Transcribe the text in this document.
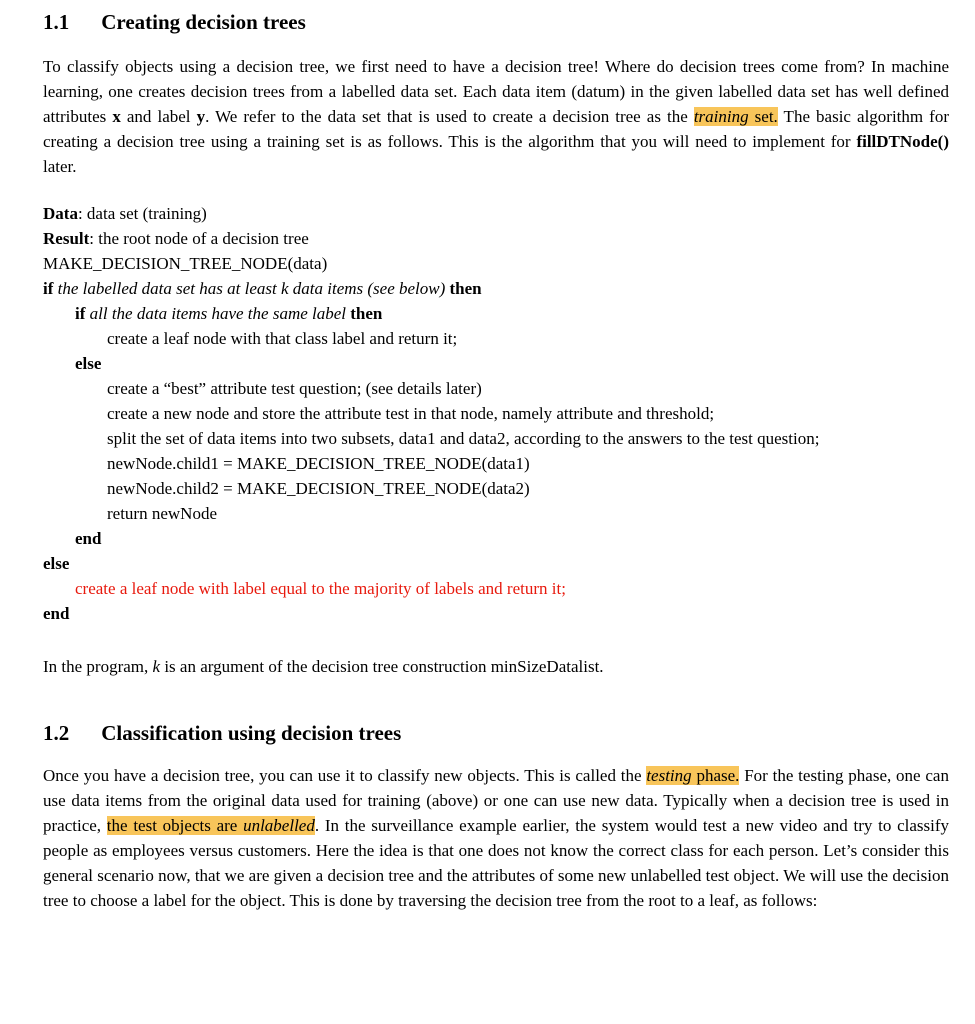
1.1 Creating decision trees

To classify objects using a decision tree, we first need to have a decision tree! Where do decision trees come from? In machine learning, one creates decision trees from a labelled data set. Each data item (datum) in the given labelled data set has well defined attributes x and label y. We refer to the data set that is used to create a decision tree as the training set. The basic algorithm for creating a decision tree using a training set is as follows. This is the algorithm that you will need to implement for fillDTNode() later.

Data: data set (training)
Result: the root node of a decision tree
MAKE_DECISION_TREE_NODE(data)
if the labelled data set has at least k data items (see below) then
if all the data items have the same label then
create a leaf node with that class label and return it;
else
create a “best” attribute test question; (see details later)
create a new node and store the attribute test in that node, namely attribute and threshold;
split the set of data items into two subsets, data1 and data2, according to the answers to the test question;
newNode.child1 = MAKE_DECISION_TREE_NODE(data1)
newNode.child2 = MAKE_DECISION_TREE_NODE(data2)
return newNode
end
else
create a leaf node with label equal to the majority of labels and return it;
end

In the program, k is an argument of the decision tree construction minSizeDatalist.

1.2 Classification using decision trees

Once you have a decision tree, you can use it to classify new objects. This is called the testing phase. For the testing phase, one can use data items from the original data used for training (above) or one can use new data. Typically when a decision tree is used in practice, the test objects are unlabelled. In the surveillance example earlier, the system would test a new video and try to classify people as employees versus customers. Here the idea is that one does not know the correct class for each person. Let’s consider this general scenario now, that we are given a decision tree and the attributes of some new unlabelled test object. We will use the decision tree to choose a label for the object. This is done by traversing the decision tree from the root to a leaf, as follows:
